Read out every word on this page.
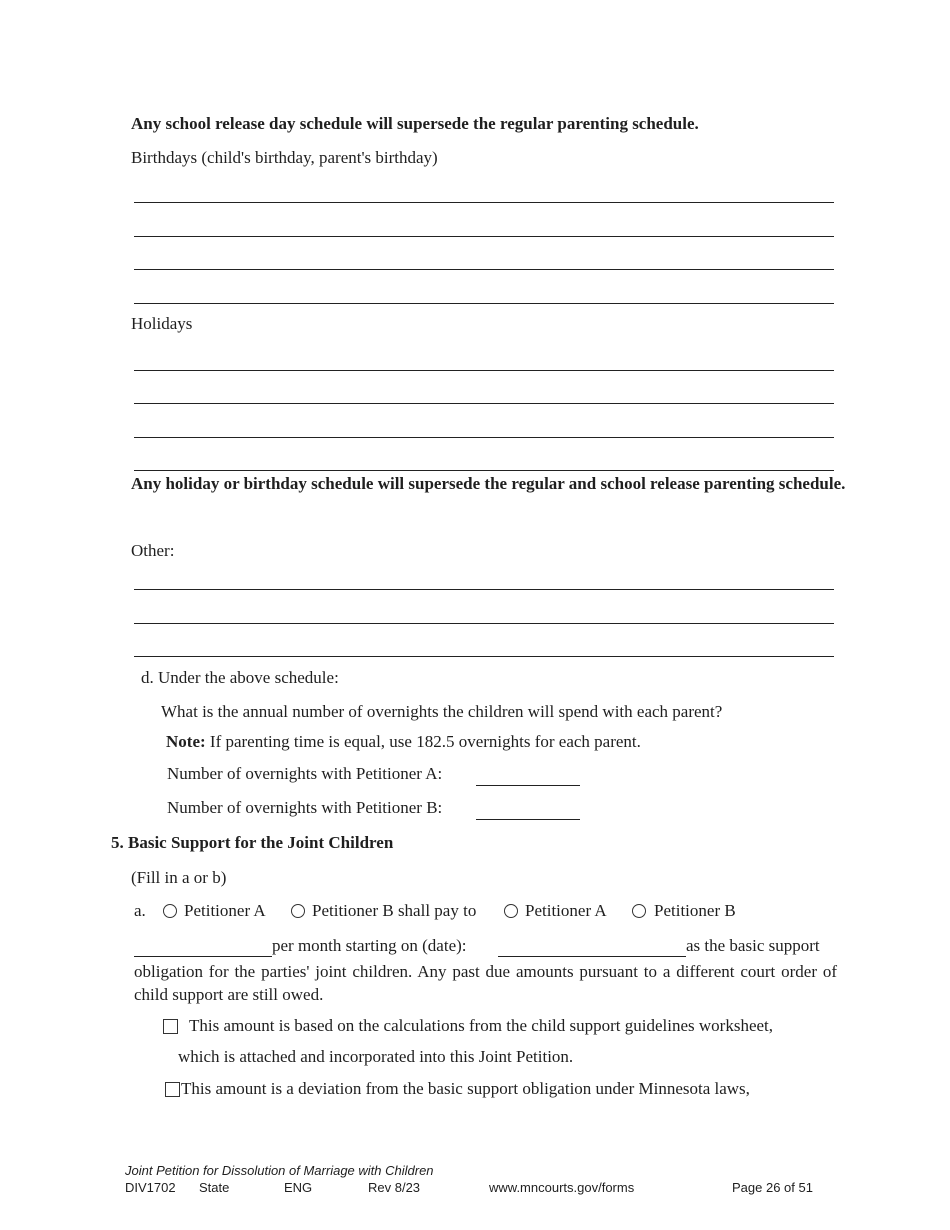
Any school release day schedule will supersede the regular parenting schedule.
Birthdays (child's birthday, parent's birthday)
Holidays
Any holiday or birthday schedule will supersede the regular and school release parenting schedule.
Other:
d. Under the above schedule:
What is the annual number of overnights the children will spend with each parent?
Note: If parenting time is equal, use 182.5 overnights for each parent.
Number of overnights with Petitioner A:
Number of overnights with Petitioner B:
5. Basic Support for the Joint Children
(Fill in a or b)
a. Petitioner A	Petitioner B shall pay to	Petitioner A	Petitioner B
per month starting on (date):	as the basic support
obligation for the parties' joint children. Any past due amounts pursuant to a different court order of child support are still owed.
This amount is based on the calculations from the child support guidelines worksheet,
which is attached and incorporated into this Joint Petition.
This amount is a deviation from the basic support obligation under Minnesota laws,
Joint Petition for Dissolution of Marriage with Children
DIV1702 State	ENG	Rev 8/23	www.mncourts.gov/forms	Page 26 of 51
